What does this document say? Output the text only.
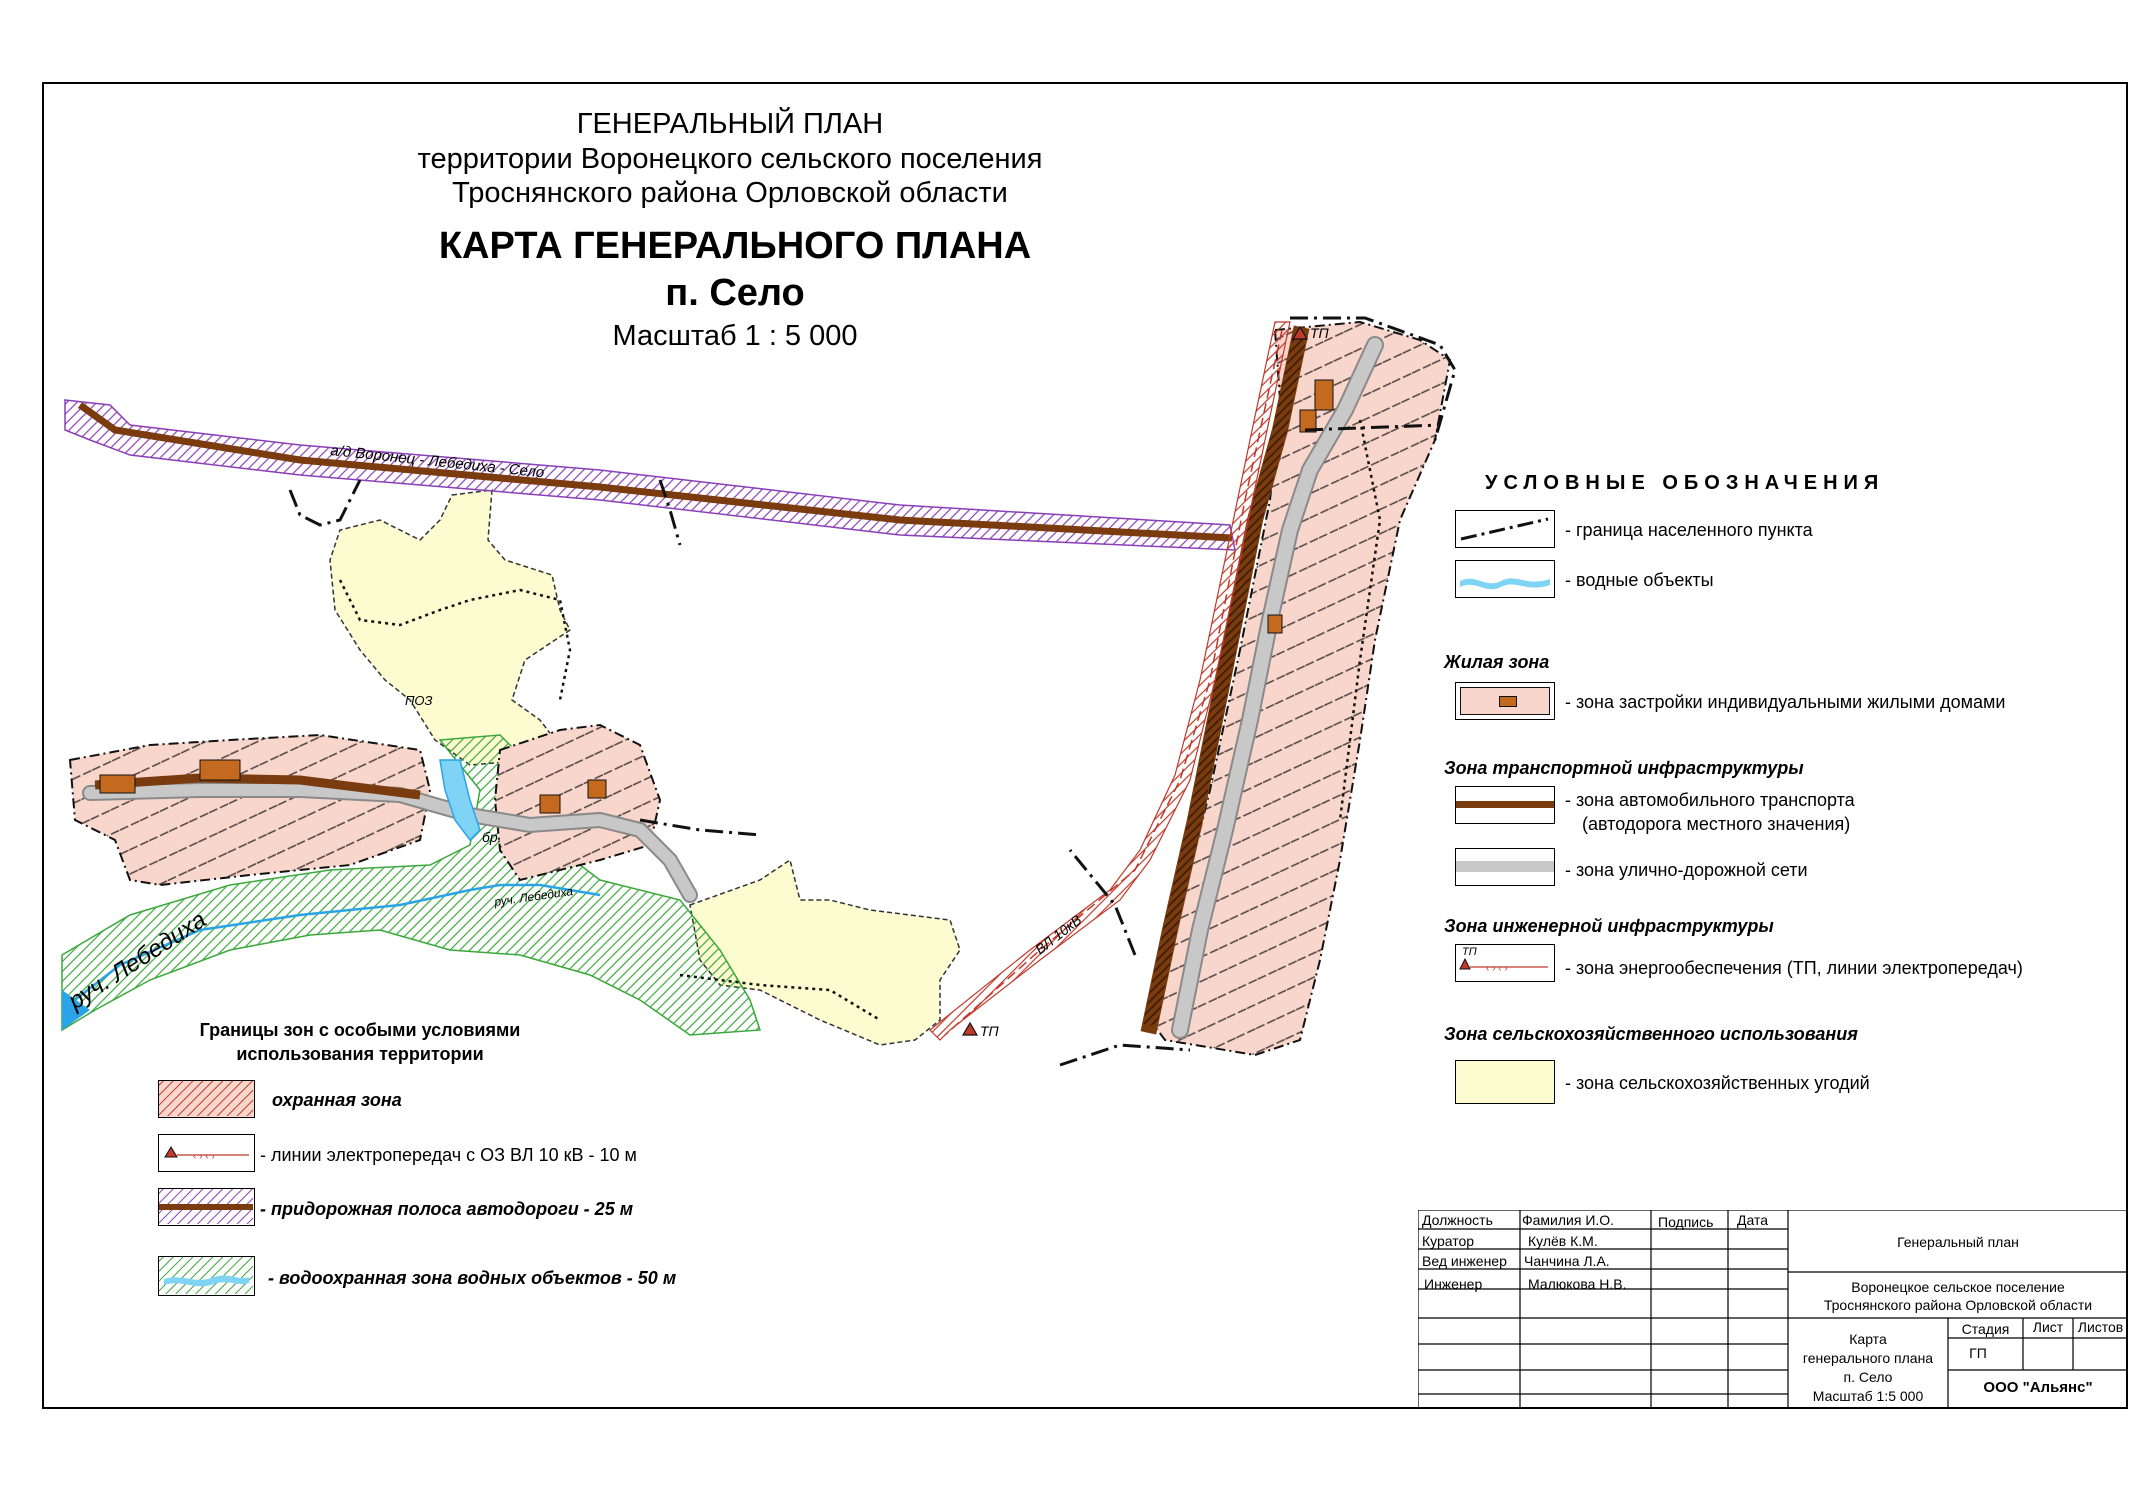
а/д Воронец - Лебедиха - Село
руч. Лебедиха
руч. Лебедиха
ВЛ 10кВ
ТП
ТП
ПОЗ
бр.
ГЕНЕРАЛЬНЫЙ ПЛАН
территории Воронецкого сельского поселения
Троснянского района Орловской области
КАРТА ГЕНЕРАЛЬНОГО ПЛАНА
п. Село
Масштаб 1 : 5 000
УСЛОВНЫЕ ОБОЗНАЧЕНИЯ
- граница населенного пункта
- водные объекты
Жилая зона
- зона застройки индивидуальными жилыми домами
Зона транспортной инфраструктуры
- зона автомобильного транспорта
(автодорога местного значения)
- зона улично-дорожной сети
Зона инженерной инфраструктуры
ТП
‹ › ‹ ›	- зона энергообеспечения (ТП, линии электропередач)
Зона сельскохозяйственного использования
- зона сельскохозяйственных угодий
Границы зон с особыми условиями
использования территории
охранная зона
‹ › ‹ ›	- линии электропередач с ОЗ ВЛ 10 кВ - 10 м
- придорожная полоса автодороги - 25 м
- водоохранная зона водных объектов - 50 м
Должность Фамилия И.О.	Подпись Дата
Куратор	Кулёв К.М.
Вед инженер Чанчина Л.А.
Инженер	Малюкова Н.В.
Генеральный план
Воронецкое сельское поселение
Троснянского района Орловской области
Карта
генерального плана
п. Село
Масштаб 1:5 000
Стадия	Лист	Листов
ГП
ООО "Альянс"
